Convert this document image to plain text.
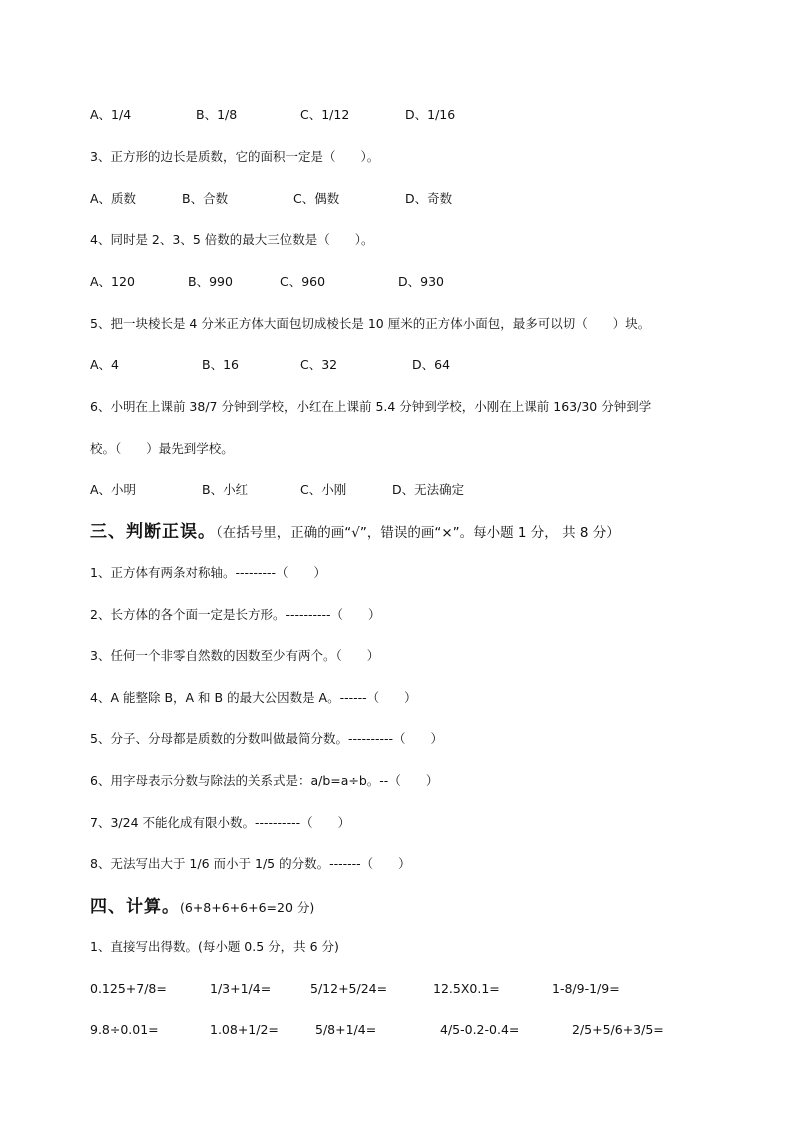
A、1/4	B、1/8	C、1/12	D、1/16
3、正方形的边长是质数，它的面积一定是（　　）。
A、质数	B、合数	C、偶数	D、奇数
4、同时是 2、3、5 倍数的最大三位数是（　　）。
A、120	B、990	C、960	D、930
5、把一块棱长是 4 分米正方体大面包切成棱长是 10 厘米的正方体小面包，最多可以切（　　）块。
A、4	B、16	C、32	D、64
6、小明在上课前 38/7 分钟到学校，小红在上课前 5.4 分钟到学校，小刚在上课前 163/30 分钟到学
校。（　　）最先到学校。
A、小明	B、小红	C、小刚	D、无法确定
三、判断正误。（在括号里，正确的画“√”，错误的画“×”。每小题 1 分， 共 8 分）
1、正方体有两条对称轴。---------（　　）
2、长方体的各个面一定是长方形。----------（　　）
3、任何一个非零自然数的因数至少有两个。（　　）
4、A 能整除 B，A 和 B 的最大公因数是 A。------（　　）
5、分子、分母都是质数的分数叫做最简分数。----------（　　）
6、用字母表示分数与除法的关系式是：a/b=a÷b。--（　　）
7、3/24 不能化成有限小数。----------（　　）
8、无法写出大于 1/6 而小于 1/5 的分数。-------（　　）
四、计算。(6+8+6+6+6=20 分)
1、直接写出得数。(每小题 0.5 分，共 6 分)
0.125+7/8=	1/3+1/4=	5/12+5/24=	12.5X0.1=	1-8/9-1/9=
9.8÷0.01=	1.08+1/2=	5/8+1/4=	4/5-0.2-0.4=	2/5+5/6+3/5=
